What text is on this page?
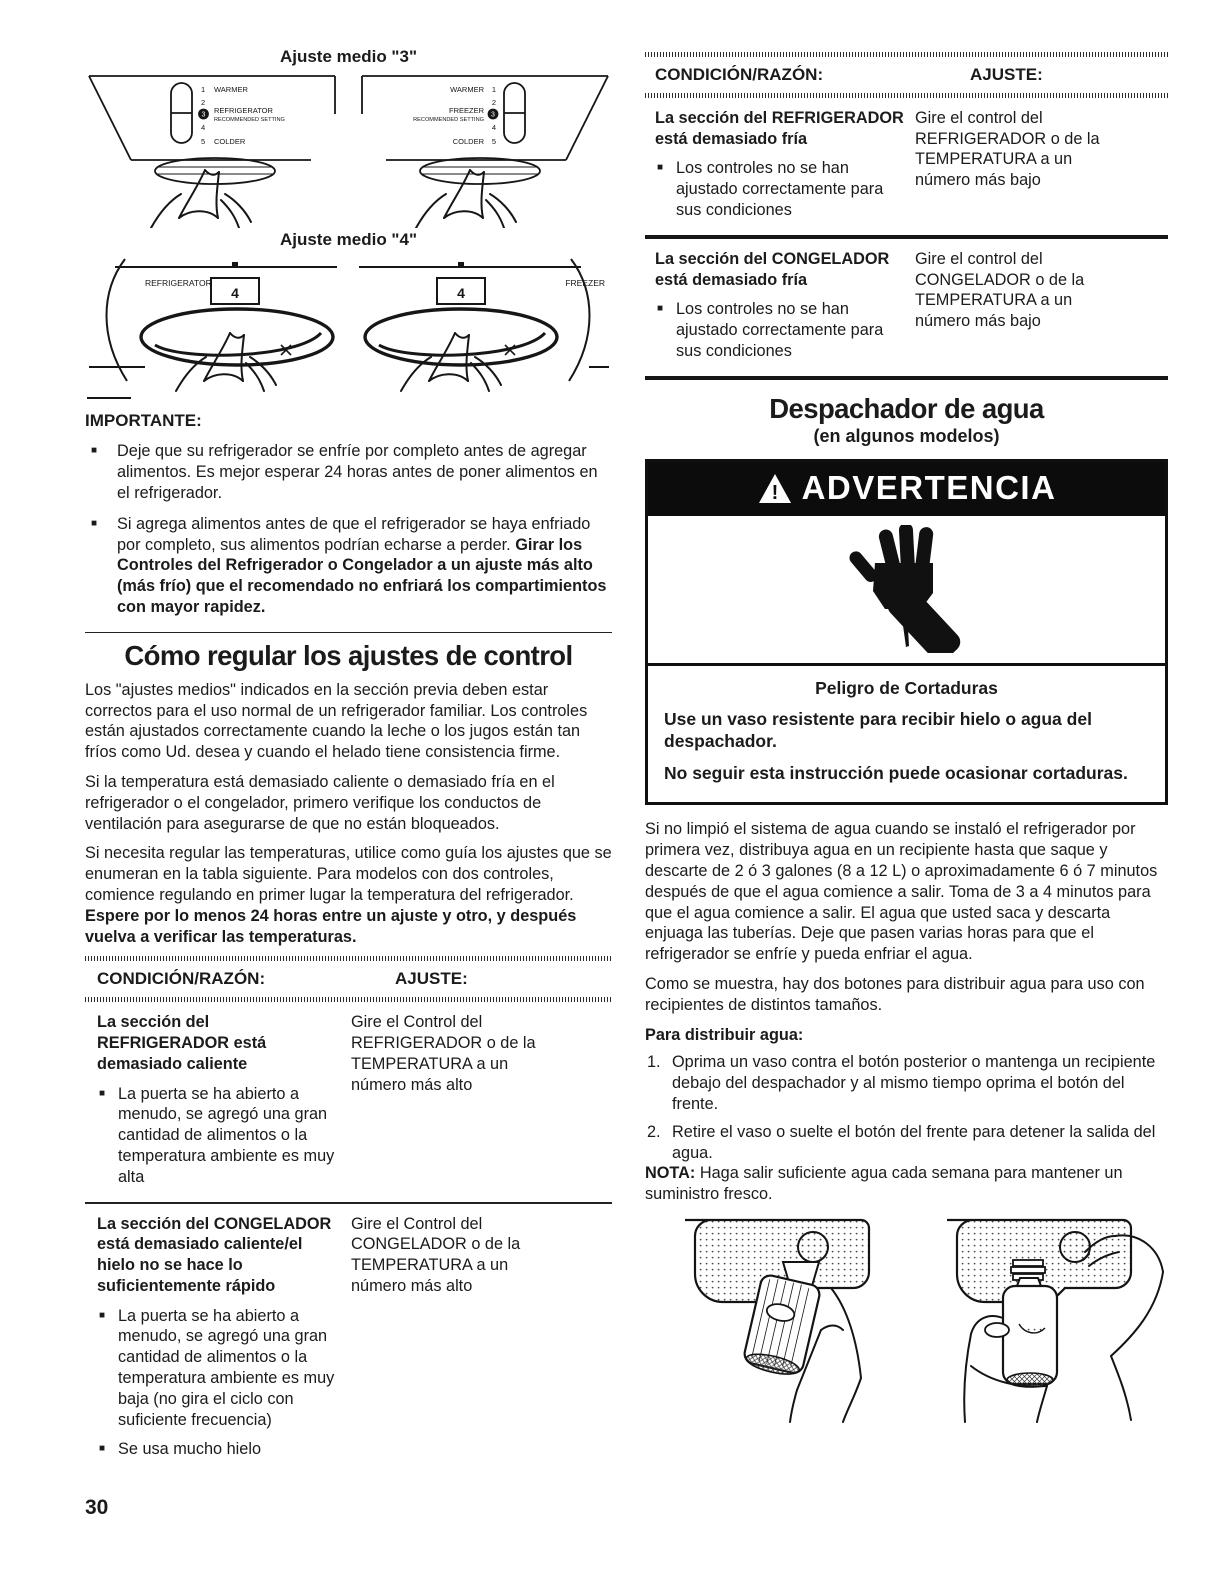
Ajuste medio "3"
1 WARMER
2
3
REFRIGERATOR
RECOMMENDED SETTING
4
5 COLDER
1
WARMER
2
3
FREEZER
RECOMMENDED SETTING
4
5
COLDER
Ajuste medio "4"
REFRIGERATOR
4
FREEZER
4
IMPORTANTE:
■	Deje que su refrigerador se enfríe por completo antes de agregar alimentos. Es mejor esperar 24 horas antes de poner alimentos en el refrigerador.
■	Si agrega alimentos antes de que el refrigerador se haya enfriado por completo, sus alimentos podrían echarse a perder. Girar los Controles del Refrigerador o Congelador a un ajuste más alto (más frío) que el recomendado no enfriará los compartimientos con mayor rapidez.
Cómo regular los ajustes de control

Los "ajustes medios" indicados en la sección previa deben estar correctos para el uso normal de un refrigerador familiar. Los controles están ajustados correctamente cuando la leche o los jugos están tan fríos como Ud. desea y cuando el helado tiene consistencia firme.

Si la temperatura está demasiado caliente o demasiado fría en el refrigerador o el congelador, primero verifique los conductos de ventilación para asegurarse de que no están bloqueados.

Si necesita regular las temperaturas, utilice como guía los ajustes que se enumeran en la tabla siguiente. Para modelos con dos controles, comience regulando en primer lugar la temperatura del refrigerador. Espere por lo menos 24 horas entre un ajuste y otro, y después vuelva a verificar las temperaturas.

CONDICIÓN/RAZÓN:	AJUSTE:
La sección del REFRIGERADOR está demasiado caliente
■ La puerta se ha abierto a menudo, se agregó una gran cantidad de alimentos o la temperatura ambiente es muy alta
Gire el Control del REFRIGERADOR o de la TEMPERATURA a un número más alto
La sección del CONGELADOR está demasiado caliente/el hielo no se hace lo suficientemente rápido
■ La puerta se ha abierto a menudo, se agregó una gran cantidad de alimentos o la temperatura ambiente es muy baja (no gira el ciclo con suficiente frecuencia)
■ Se usa mucho hielo
Gire el Control del CONGELADOR o de la TEMPERATURA a un número más alto
CONDICIÓN/RAZÓN:	AJUSTE:
La sección del REFRIGERADOR está demasiado fría
■ Los controles no se han ajustado correctamente para sus condiciones
Gire el control del REFRIGERADOR o de la TEMPERATURA a un número más bajo
La sección del CONGELADOR está demasiado fría
■ Los controles no se han ajustado correctamente para sus condiciones
Gire el control del CONGELADOR o de la TEMPERATURA a un número más bajo
Despachador de agua
(en algunos modelos)
! ADVERTENCIA
Peligro de Cortaduras
Use un vaso resistente para recibir hielo o agua del despachador.
No seguir esta instrucción puede ocasionar cortaduras.

Si no limpió el sistema de agua cuando se instaló el refrigerador por primera vez, distribuya agua en un recipiente hasta que saque y descarte de 2 ó 3 galones (8 a 12 L) o aproximadamente 6 ó 7 minutos después de que el agua comience a salir. Toma de 3 a 4 minutos para que el agua comience a salir. El agua que usted saca y descarta enjuaga las tuberías. Deje que pasen varias horas para que el refrigerador se enfríe y pueda enfriar el agua.

Como se muestra, hay dos botones para distribuir agua para uso con recipientes de distintos tamaños.

Para distribuir agua:
1. Oprima un vaso contra el botón posterior o mantenga un recipiente debajo del despachador y al mismo tiempo oprima el botón del frente.
2. Retire el vaso o suelte el botón del frente para detener la salida del agua.

NOTA: Haga salir suficiente agua cada semana para mantener un suministro fresco.

30
